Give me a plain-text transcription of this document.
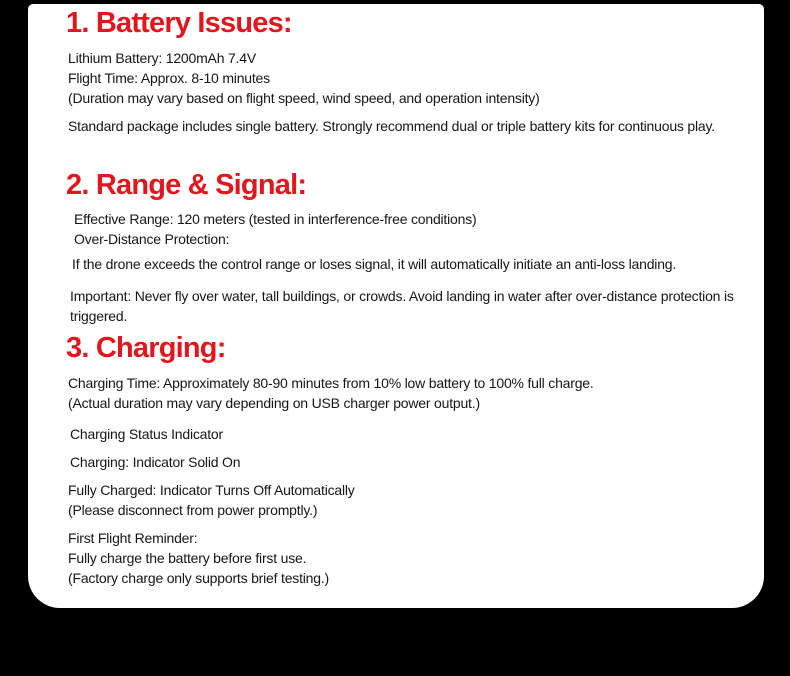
1. Battery Issues:
Lithium Battery: 1200mAh 7.4V
Flight Time: Approx. 8-10 minutes
(Duration may vary based on flight speed, wind speed, and operation intensity)
Standard package includes single battery. Strongly recommend dual or triple battery kits for continuous play.
2. Range & Signal:
Effective Range: 120 meters (tested in interference-free conditions)
Over-Distance Protection:
If the drone exceeds the control range or loses signal, it will automatically initiate an anti-loss landing.
Important: Never fly over water, tall buildings, or crowds. Avoid landing in water after over-distance protection is triggered.
3. Charging:
Charging Time: Approximately 80-90 minutes from 10% low battery to 100% full charge.
(Actual duration may vary depending on USB charger power output.)
Charging Status Indicator
Charging: Indicator Solid On
Fully Charged: Indicator Turns Off Automatically
(Please disconnect from power promptly.)
First Flight Reminder:
Fully charge the battery before first use.
(Factory charge only supports brief testing.)
